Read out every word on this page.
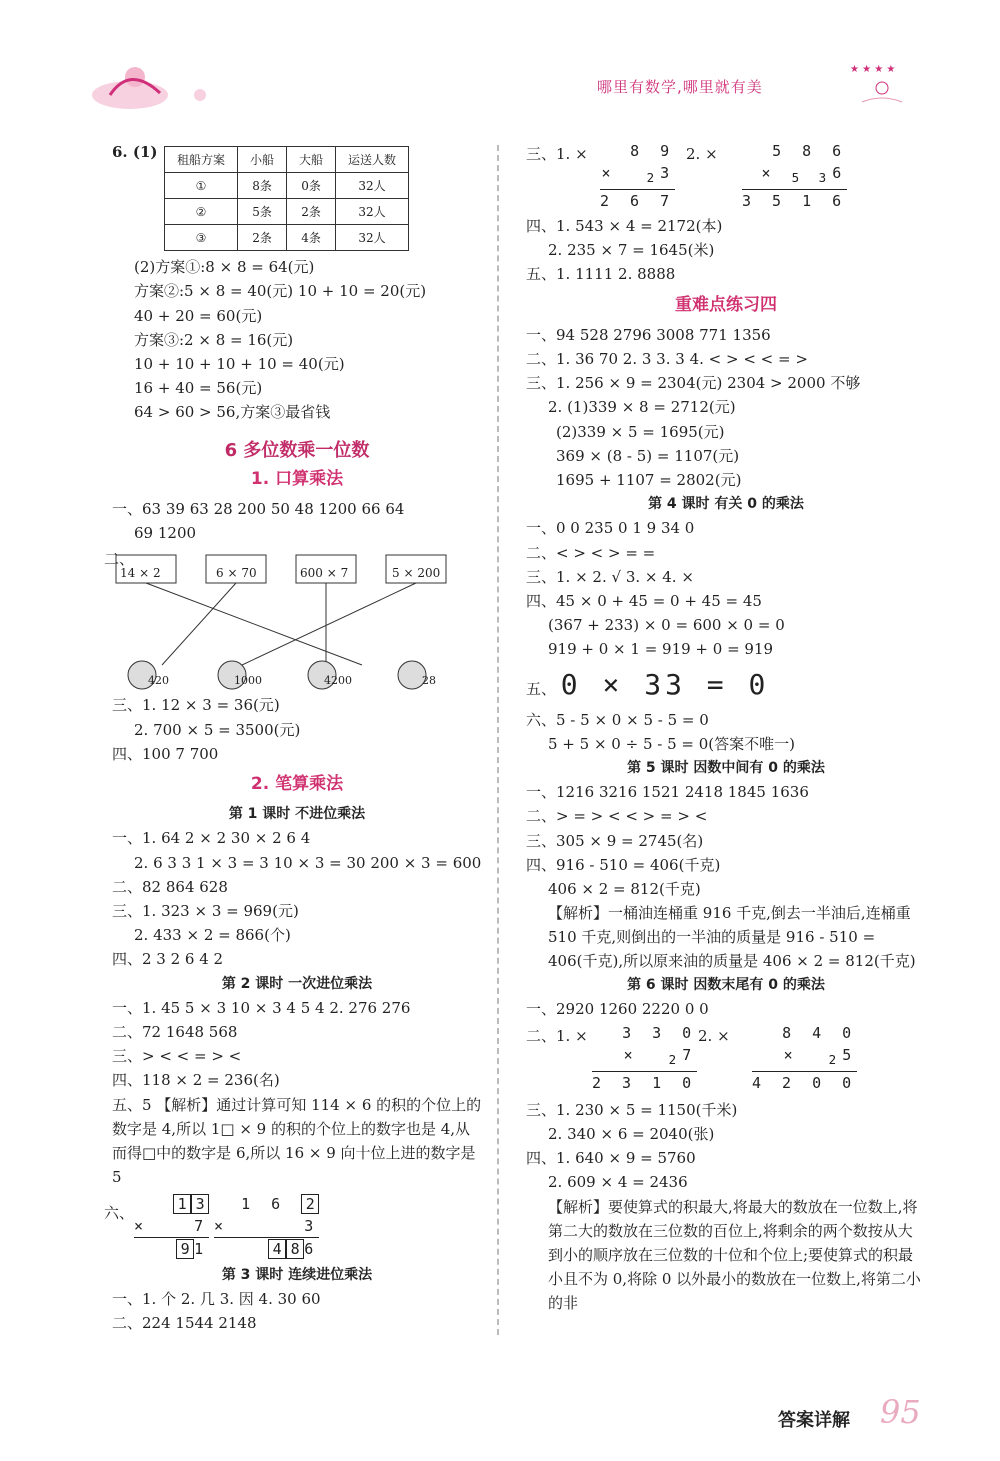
哪里有数学,哪里就有美
★ ★ ★ ★
6. (1)	租船方案	小船	大船	运送人数
①	8条	0条	32人
②	5条	2条	32人
③	2条	4条	32人
(2)方案①:8 × 8 = 64(元)
方案②:5 × 8 = 40(元) 10 + 10 = 20(元)
40 + 20 = 60(元)
方案③:2 × 8 = 16(元)
10 + 10 + 10 + 10 = 40(元)
16 + 40 = 56(元)
64 > 60 > 56,方案③最省钱
6 多位数乘一位数
1. 口算乘法
一、63 39 63 28 200 50 48 1200 66 64
69 1200
二、
14 × 2	6 × 70	600 × 7	5 × 200
420	1000	4200	28
三、1. 12 × 3 = 36(元)
2. 700 × 5 = 3500(元)
四、100 7 700
2. 笔算乘法
第 1 课时 不进位乘法
一、1. 64 2 × 2 30 × 2 6 4
2. 6 3 3 1 × 3 = 3 10 × 3 = 30 200 × 3 = 600
二、82 864 628
三、1. 323 × 3 = 969(元)
2. 433 × 2 = 866(个)
四、2 3 2 6 4 2
第 2 课时 一次进位乘法
一、1. 45 5 × 3 10 × 3 4 5 4 2. 276 276
二、72 1648 568
三、> < < = > <
四、118 × 2 = 236(名)
五、5 【解析】通过计算可知 114 × 6 的积的个位上的数字是 4,所以 1□ × 9 的积的个位上的数字也是 4,从而得□中的数字是 6,所以 16 × 9 向十位上进的数字是 5
六、	1 3
×	7
9 1
1 6 2
×	3
4 8 6
第 3 课时 连续进位乘法
一、1. 个 2. 几 3. 因 4. 30 60
二、224 1544 2148
三、1. ×	8 9
× $_2$3
2 6 7
2. ×	5 8 6
× $_{5 3}$6
3 5 1 6
四、1. 543 × 4 = 2172(本)
2. 235 × 7 = 1645(米)
五、1. 1111 2. 8888
重难点练习四
一、94 528 2796 3008 771 1356
二、1. 36 70 2. 3 3. 3 4. < > < < = >
三、1. 256 × 9 = 2304(元) 2304 > 2000 不够
2. (1)339 × 8 = 2712(元)
(2)339 × 5 = 1695(元)
369 × (8 - 5) = 1107(元)
1695 + 1107 = 2802(元)
第 4 课时 有关 0 的乘法
一、0 0 235 0 1 9 34 0
二、< > < > = =
三、1. × 2. √ 3. × 4. ×
四、45 × 0 + 45 = 0 + 45 = 45
(367 + 233) × 0 = 600 × 0 = 0
919 + 0 × 1 = 919 + 0 = 919
五、 0 × 33 = 0
六、5 - 5 × 0 × 5 - 5 = 0
5 + 5 × 0 ÷ 5 - 5 = 0(答案不唯一)
第 5 课时 因数中间有 0 的乘法
一、1216 3216 1521 2418 1845 1636
二、> = > < < > = > <
三、305 × 9 = 2745(名)
四、916 - 510 = 406(千克)
406 × 2 = 812(千克)
【解析】一桶油连桶重 916 千克,倒去一半油后,连桶重 510 千克,则倒出的一半油的质量是 916 - 510 = 406(千克),所以原来油的质量是 406 × 2 = 812(千克)
第 6 课时 因数末尾有 0 的乘法
一、2920 1260 2220 0 0
二、1. ×	3 3 0
× $_2$7
2 3 1 0
2. ×	8 4 0
× $_2$5
4 2 0 0
三、1. 230 × 5 = 1150(千米)
2. 340 × 6 = 2040(张)
四、1. 640 × 9 = 5760
2. 609 × 4 = 2436
【解析】要使算式的积最大,将最大的数放在一位数上,将第二大的数放在三位数的百位上,将剩余的两个数按从大到小的顺序放在三位数的十位和个位上;要使算式的积最小且不为 0,将除 0 以外最小的数放在一位数上,将第二小的非
答案详解 95
